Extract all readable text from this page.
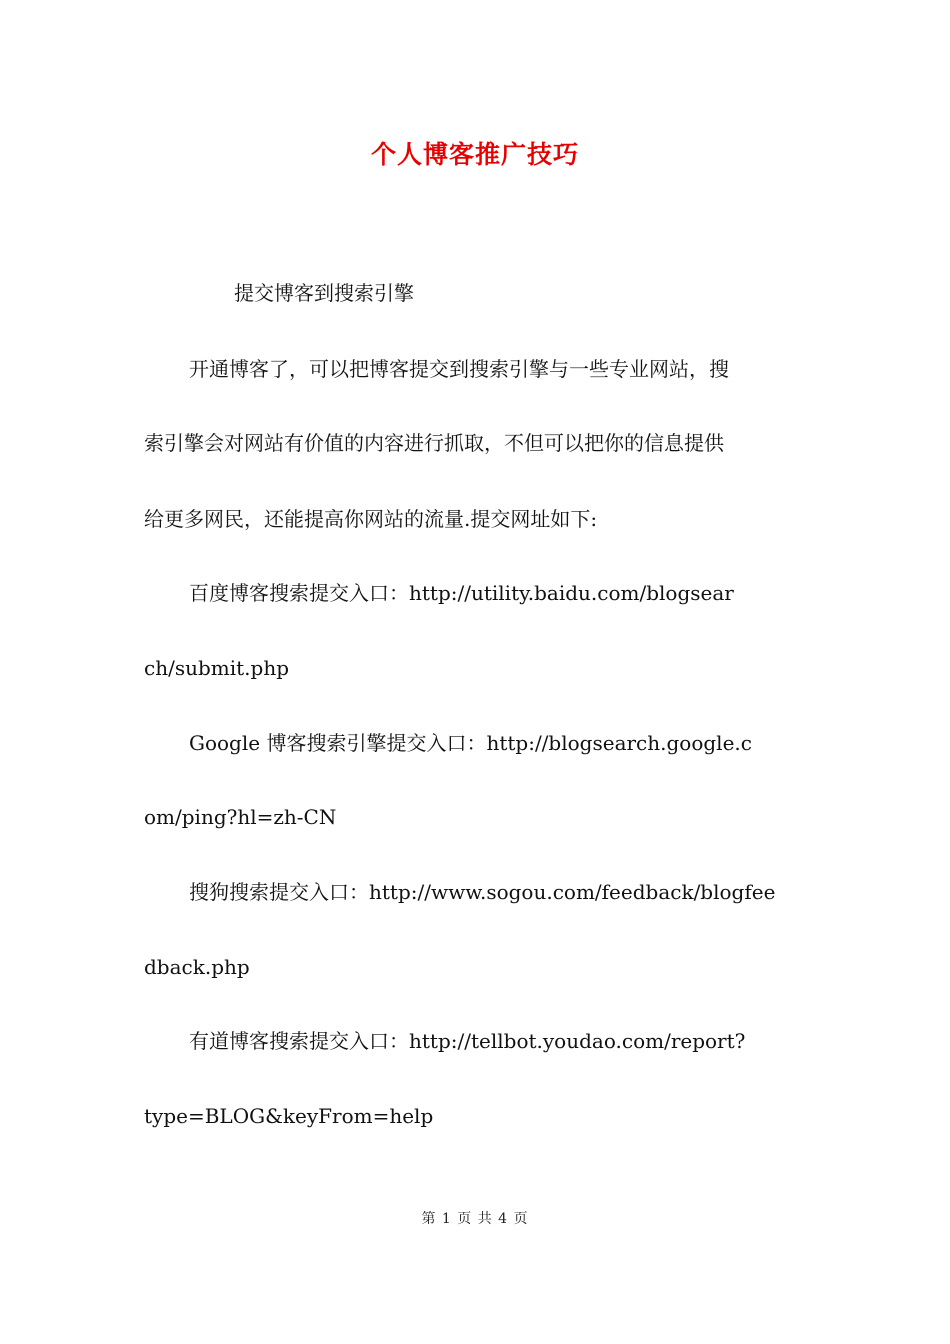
个人博客推广技巧
提交博客到搜索引擎
开通博客了，可以把博客提交到搜索引擎与一些专业网站，搜
索引擎会对网站有价值的内容进行抓取，不但可以把你的信息提供
给更多网民，还能提高你网站的流量.提交网址如下:
百度博客搜索提交入口：http://utility.baidu.com/blogsear
ch/submit.php
Google 博客搜索引擎提交入口：http://blogsearch.google.c
om/ping?hl=zh-CN
搜狗搜索提交入口：http://www.sogou.com/feedback/blogfee
dback.php
有道博客搜索提交入口：http://tellbot.youdao.com/report?
type=BLOG&keyFrom=help
第 1 页 共 4 页
